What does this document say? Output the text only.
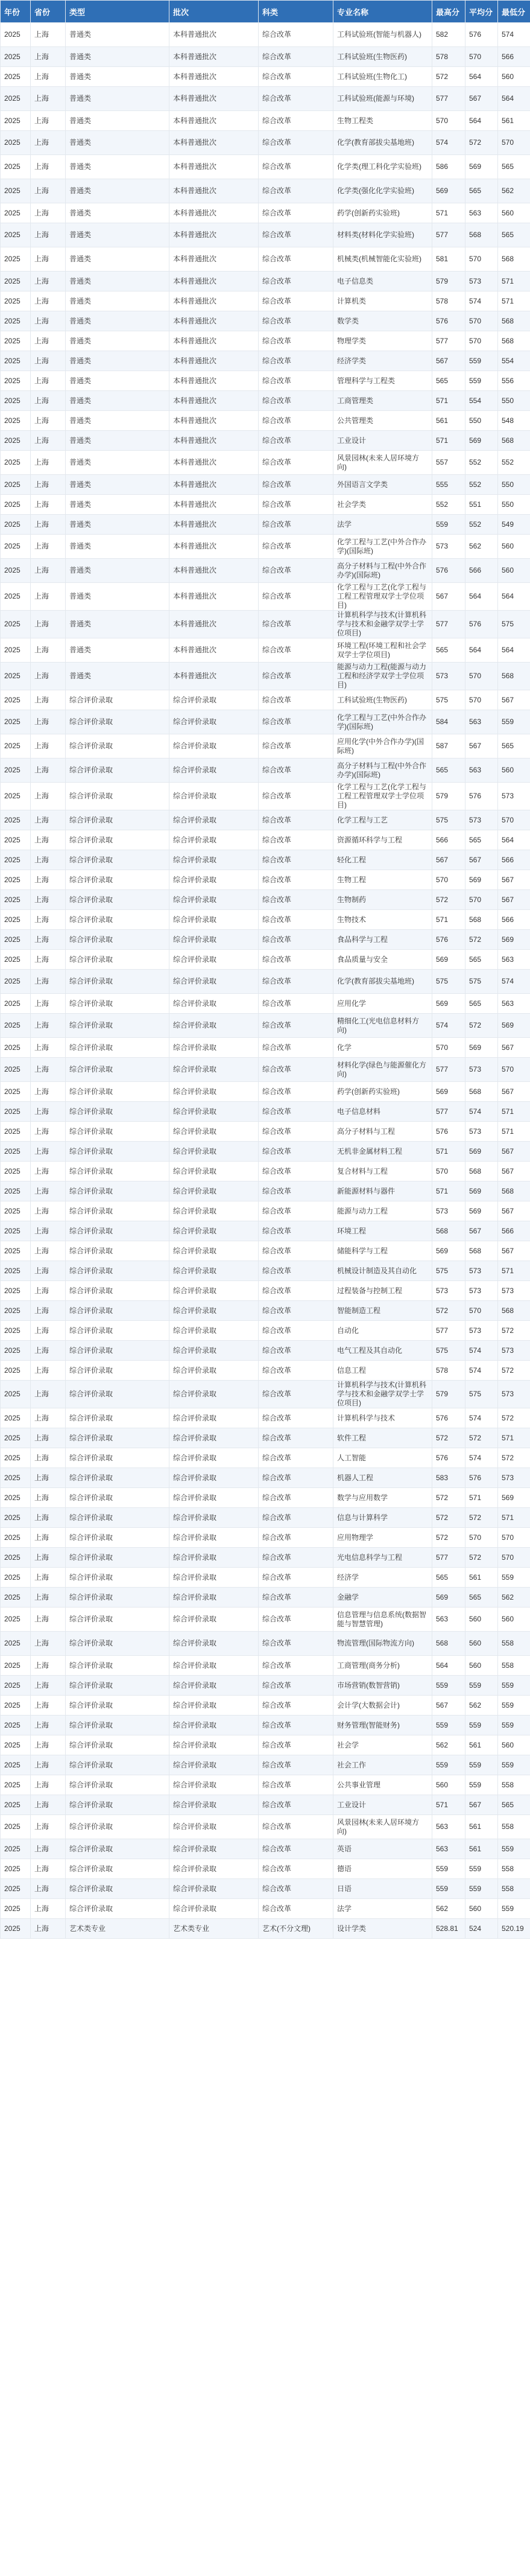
年份	省份	类型	批次	科类	专业名称	最高分	平均分	最低分
2025	上海	普通类	本科普通批次	综合改革	工科试验班(智能与机器人)	582	576	574
2025	上海	普通类	本科普通批次	综合改革	工科试验班(生物医药)	578	570	566
2025	上海	普通类	本科普通批次	综合改革	工科试验班(生物化工)	572	564	560
2025	上海	普通类	本科普通批次	综合改革	工科试验班(能源与环境)	577	567	564
2025	上海	普通类	本科普通批次	综合改革	生物工程类	570	564	561
2025	上海	普通类	本科普通批次	综合改革	化学(教育部拔尖基地班)	574	572	570
2025	上海	普通类	本科普通批次	综合改革	化学类(理工科化学实验班)	586	569	565
2025	上海	普通类	本科普通批次	综合改革	化学类(强化化学实验班)	569	565	562
2025	上海	普通类	本科普通批次	综合改革	药学(创新药实验班)	571	563	560
2025	上海	普通类	本科普通批次	综合改革	材料类(材料化学实验班)	577	568	565
2025	上海	普通类	本科普通批次	综合改革	机械类(机械智能化实验班)	581	570	568
2025	上海	普通类	本科普通批次	综合改革	电子信息类	579	573	571
2025	上海	普通类	本科普通批次	综合改革	计算机类	578	574	571
2025	上海	普通类	本科普通批次	综合改革	数学类	576	570	568
2025	上海	普通类	本科普通批次	综合改革	物理学类	577	570	568
2025	上海	普通类	本科普通批次	综合改革	经济学类	567	559	554
2025	上海	普通类	本科普通批次	综合改革	管理科学与工程类	565	559	556
2025	上海	普通类	本科普通批次	综合改革	工商管理类	571	554	550
2025	上海	普通类	本科普通批次	综合改革	公共管理类	561	550	548
2025	上海	普通类	本科普通批次	综合改革	工业设计	571	569	568
2025	上海	普通类	本科普通批次	综合改革	风景园林(未来人居环境方向)	557	552	552
2025	上海	普通类	本科普通批次	综合改革	外国语言文学类	555	552	550
2025	上海	普通类	本科普通批次	综合改革	社会学类	552	551	550
2025	上海	普通类	本科普通批次	综合改革	法学	559	552	549
2025	上海	普通类	本科普通批次	综合改革	化学工程与工艺(中外合作办学)(国际班)	573	562	560
2025	上海	普通类	本科普通批次	综合改革	高分子材料与工程(中外合作办学)(国际班)	576	566	560
2025	上海	普通类	本科普通批次	综合改革	化学工程与工艺(化学工程与工程工程管理双学士学位项目)	567	564	564
2025	上海	普通类	本科普通批次	综合改革	计算机科学与技术(计算机科学与技术和金融学双学士学位项目)	577	576	575
2025	上海	普通类	本科普通批次	综合改革	环境工程(环境工程和社会学双学士学位项目)	565	564	564
2025	上海	普通类	本科普通批次	综合改革	能源与动力工程(能源与动力工程和经济学双学士学位项目)	573	570	568
2025	上海	综合评价录取	综合评价录取	综合改革	工科试验班(生物医药)	575	570	567
2025	上海	综合评价录取	综合评价录取	综合改革	化学工程与工艺(中外合作办学)(国际班)	584	563	559
2025	上海	综合评价录取	综合评价录取	综合改革	应用化学(中外合作办学)(国际班)	587	567	565
2025	上海	综合评价录取	综合评价录取	综合改革	高分子材料与工程(中外合作办学)(国际班)	565	563	560
2025	上海	综合评价录取	综合评价录取	综合改革	化学工程与工艺(化学工程与工程工程管理双学士学位项目)	579	576	573
2025	上海	综合评价录取	综合评价录取	综合改革	化学工程与工艺	575	573	570
2025	上海	综合评价录取	综合评价录取	综合改革	资源循环科学与工程	566	565	564
2025	上海	综合评价录取	综合评价录取	综合改革	轻化工程	567	567	566
2025	上海	综合评价录取	综合评价录取	综合改革	生物工程	570	569	567
2025	上海	综合评价录取	综合评价录取	综合改革	生物制药	572	570	567
2025	上海	综合评价录取	综合评价录取	综合改革	生物技术	571	568	566
2025	上海	综合评价录取	综合评价录取	综合改革	食品科学与工程	576	572	569
2025	上海	综合评价录取	综合评价录取	综合改革	食品质量与安全	569	565	563
2025	上海	综合评价录取	综合评价录取	综合改革	化学(教育部拔尖基地班)	575	575	574
2025	上海	综合评价录取	综合评价录取	综合改革	应用化学	569	565	563
2025	上海	综合评价录取	综合评价录取	综合改革	精细化工(光电信息材料方向)	574	572	569
2025	上海	综合评价录取	综合评价录取	综合改革	化学	570	569	567
2025	上海	综合评价录取	综合评价录取	综合改革	材料化学(绿色与能源催化方向)	577	573	570
2025	上海	综合评价录取	综合评价录取	综合改革	药学(创新药实验班)	569	568	567
2025	上海	综合评价录取	综合评价录取	综合改革	电子信息材料	577	574	571
2025	上海	综合评价录取	综合评价录取	综合改革	高分子材料与工程	576	573	571
2025	上海	综合评价录取	综合评价录取	综合改革	无机非金属材料工程	571	569	567
2025	上海	综合评价录取	综合评价录取	综合改革	复合材料与工程	570	568	567
2025	上海	综合评价录取	综合评价录取	综合改革	新能源材料与器件	571	569	568
2025	上海	综合评价录取	综合评价录取	综合改革	能源与动力工程	573	569	567
2025	上海	综合评价录取	综合评价录取	综合改革	环境工程	568	567	566
2025	上海	综合评价录取	综合评价录取	综合改革	储能科学与工程	569	568	567
2025	上海	综合评价录取	综合评价录取	综合改革	机械设计制造及其自动化	575	573	571
2025	上海	综合评价录取	综合评价录取	综合改革	过程装备与控制工程	573	573	573
2025	上海	综合评价录取	综合评价录取	综合改革	智能制造工程	572	570	568
2025	上海	综合评价录取	综合评价录取	综合改革	自动化	577	573	572
2025	上海	综合评价录取	综合评价录取	综合改革	电气工程及其自动化	575	574	573
2025	上海	综合评价录取	综合评价录取	综合改革	信息工程	578	574	572
2025	上海	综合评价录取	综合评价录取	综合改革	计算机科学与技术(计算机科学与技术和金融学双学士学位项目)	579	575	573
2025	上海	综合评价录取	综合评价录取	综合改革	计算机科学与技术	576	574	572
2025	上海	综合评价录取	综合评价录取	综合改革	软件工程	572	572	571
2025	上海	综合评价录取	综合评价录取	综合改革	人工智能	576	574	572
2025	上海	综合评价录取	综合评价录取	综合改革	机器人工程	583	576	573
2025	上海	综合评价录取	综合评价录取	综合改革	数学与应用数学	572	571	569
2025	上海	综合评价录取	综合评价录取	综合改革	信息与计算科学	572	572	571
2025	上海	综合评价录取	综合评价录取	综合改革	应用物理学	572	570	570
2025	上海	综合评价录取	综合评价录取	综合改革	光电信息科学与工程	577	572	570
2025	上海	综合评价录取	综合评价录取	综合改革	经济学	565	561	559
2025	上海	综合评价录取	综合评价录取	综合改革	金融学	569	565	562
2025	上海	综合评价录取	综合评价录取	综合改革	信息管理与信息系统(数据智能与智慧管理)	563	560	560
2025	上海	综合评价录取	综合评价录取	综合改革	物流管理(国际物流方向)	568	560	558
2025	上海	综合评价录取	综合评价录取	综合改革	工商管理(商务分析)	564	560	558
2025	上海	综合评价录取	综合评价录取	综合改革	市场营销(数智营销)	559	559	559
2025	上海	综合评价录取	综合评价录取	综合改革	会计学(大数据会计)	567	562	559
2025	上海	综合评价录取	综合评价录取	综合改革	财务管理(智能财务)	559	559	559
2025	上海	综合评价录取	综合评价录取	综合改革	社会学	562	561	560
2025	上海	综合评价录取	综合评价录取	综合改革	社会工作	559	559	559
2025	上海	综合评价录取	综合评价录取	综合改革	公共事业管理	560	559	558
2025	上海	综合评价录取	综合评价录取	综合改革	工业设计	571	567	565
2025	上海	综合评价录取	综合评价录取	综合改革	风景园林(未来人居环境方向)	563	561	558
2025	上海	综合评价录取	综合评价录取	综合改革	英语	563	561	559
2025	上海	综合评价录取	综合评价录取	综合改革	德语	559	559	558
2025	上海	综合评价录取	综合评价录取	综合改革	日语	559	559	558
2025	上海	综合评价录取	综合评价录取	综合改革	法学	562	560	559
2025	上海	艺术类专业	艺术类专业	艺术(不分文理)	设计学类	528.81	524	520.19
